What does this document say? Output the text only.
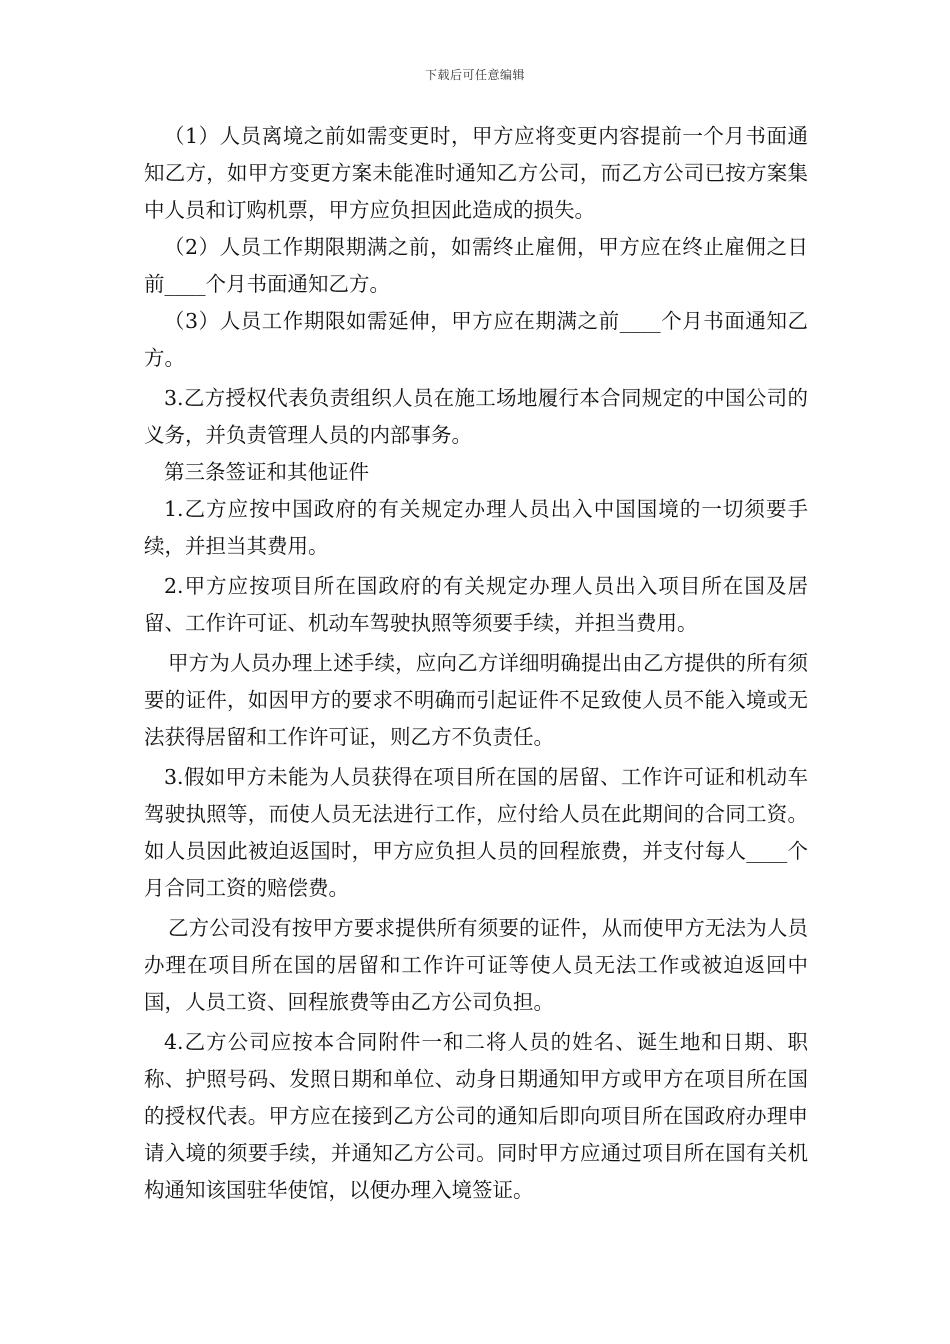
下载后可任意编辑

（1）人员离境之前如需变更时，甲方应将变更内容提前一个月书面通知乙方，如甲方变更方案未能准时通知乙方公司，而乙方公司已按方案集中人员和订购机票，甲方应负担因此造成的损失。

（2）人员工作期限期满之前，如需终止雇佣，甲方应在终止雇佣之日前____个月书面通知乙方。

（3）人员工作期限如需延伸，甲方应在期满之前____个月书面通知乙方。

3.乙方授权代表负责组织人员在施工场地履行本合同规定的中国公司的义务，并负责管理人员的内部事务。

第三条签证和其他证件

1.乙方应按中国政府的有关规定办理人员出入中国国境的一切须要手续，并担当其费用。

2.甲方应按项目所在国政府的有关规定办理人员出入项目所在国及居留、工作许可证、机动车驾驶执照等须要手续，并担当费用。

甲方为人员办理上述手续，应向乙方详细明确提出由乙方提供的所有须要的证件，如因甲方的要求不明确而引起证件不足致使人员不能入境或无法获得居留和工作许可证，则乙方不负责任。

3.假如甲方未能为人员获得在项目所在国的居留、工作许可证和机动车驾驶执照等，而使人员无法进行工作，应付给人员在此期间的合同工资。如人员因此被迫返国时，甲方应负担人员的回程旅费，并支付每人____个月合同工资的赔偿费。

乙方公司没有按甲方要求提供所有须要的证件，从而使甲方无法为人员办理在项目所在国的居留和工作许可证等使人员无法工作或被迫返回中国，人员工资、回程旅费等由乙方公司负担。

4.乙方公司应按本合同附件一和二将人员的姓名、诞生地和日期、职称、护照号码、发照日期和单位、动身日期通知甲方或甲方在项目所在国的授权代表。甲方应在接到乙方公司的通知后即向项目所在国政府办理申请入境的须要手续，并通知乙方公司。同时甲方应通过项目所在国有关机构通知该国驻华使馆，以便办理入境签证。
